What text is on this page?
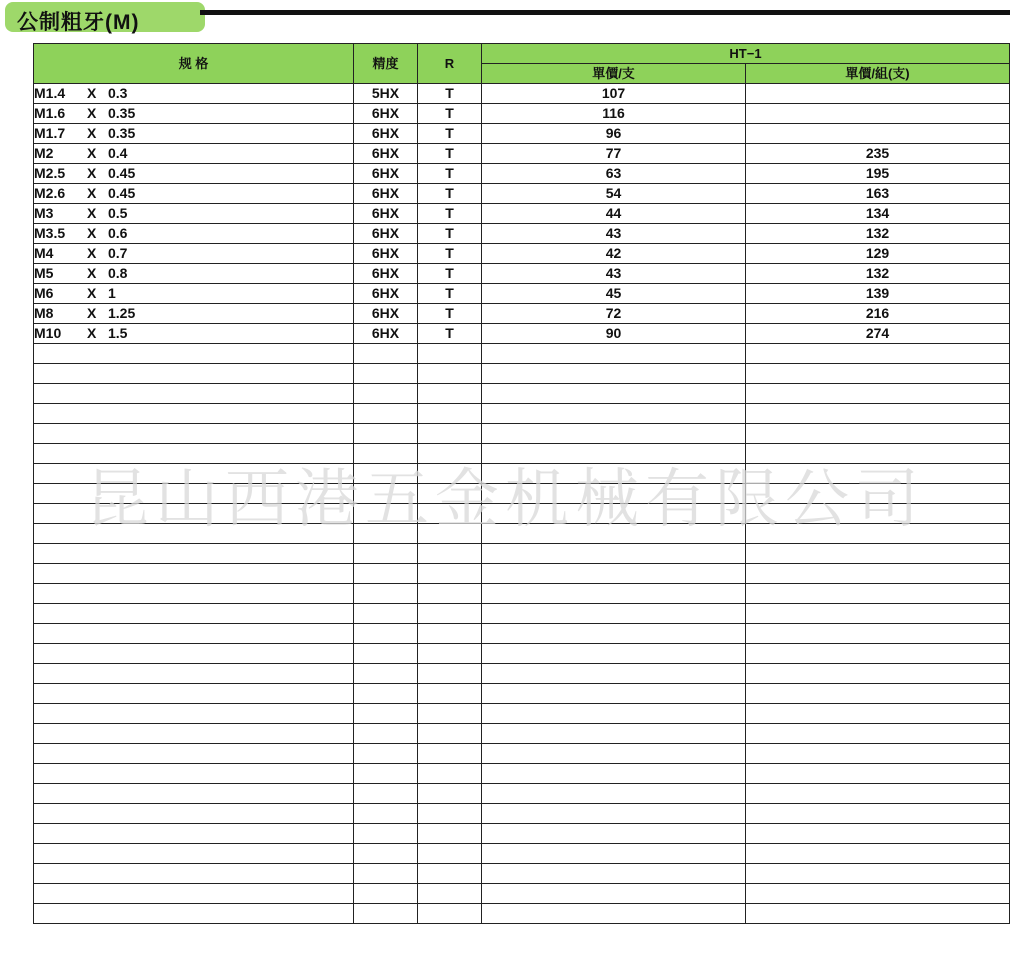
公制粗牙(M)
规 格	精度	R	HT−1	
			單價/支	單價/組(支)
M1.4 X 0.3	5HX	T	107	
M1.6 X 0.35	6HX	T	116	
M1.7 X 0.35	6HX	T	96	
M2 X 0.4	6HX	T	77	235
M2.5 X 0.45	6HX	T	63	195
M2.6 X 0.45	6HX	T	54	163
M3 X 0.5	6HX	T	44	134
M3.5 X 0.6	6HX	T	43	132
M4 X 0.7	6HX	T	42	129
M5 X 0.8	6HX	T	43	132
M6 X 1	6HX	T	45	139
M8 X 1.25	6HX	T	72	216
M10 X 1.5	6HX	T	90	274

昆山西港五金机械有限公司
